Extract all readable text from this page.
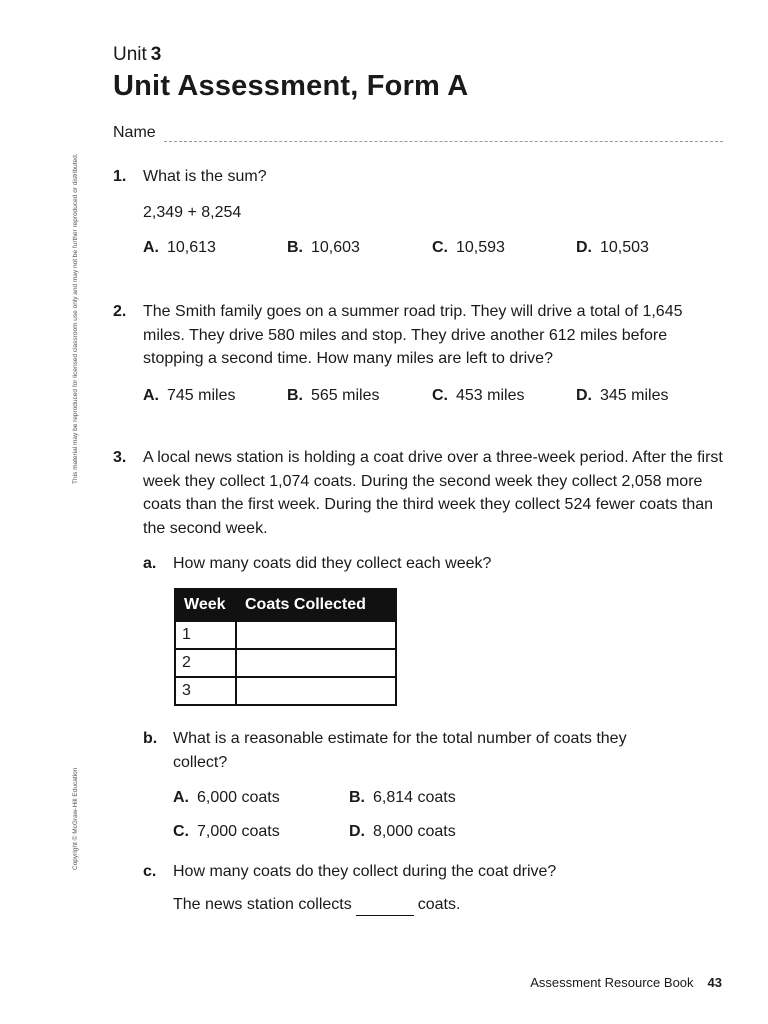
This material may be reproduced for licensed classroom use only and may not be further reproduced or distributed.
Copyright © McGraw-Hill Education
Unit 3
Unit Assessment, Form A
Name
1. What is the sum?
2,349 + 8,254
A. 10,613	B. 10,603	C. 10,593	D. 10,503
2. The Smith family goes on a summer road trip. They will drive a total of 1,645 miles. They drive 580 miles and stop. They drive another 612 miles before stopping a second time. How many miles are left to drive?
A. 745 miles	B. 565 miles	C. 453 miles	D. 345 miles
3. A local news station is holding a coat drive over a three-week period. After the first week they collect 1,074 coats. During the second week they collect 2,058 more coats than the first week. During the third week they collect 524 fewer coats than the second week.
a. How many coats did they collect each week?
Week	Coats Collected
1	
2	
3	
b. What is a reasonable estimate for the total number of coats they collect?
A. 6,000 coats	B. 6,814 coats
C. 7,000 coats	D. 8,000 coats
c. How many coats do they collect during the coat drive?
The news station collects	coats.
Assessment Resource Book 43
